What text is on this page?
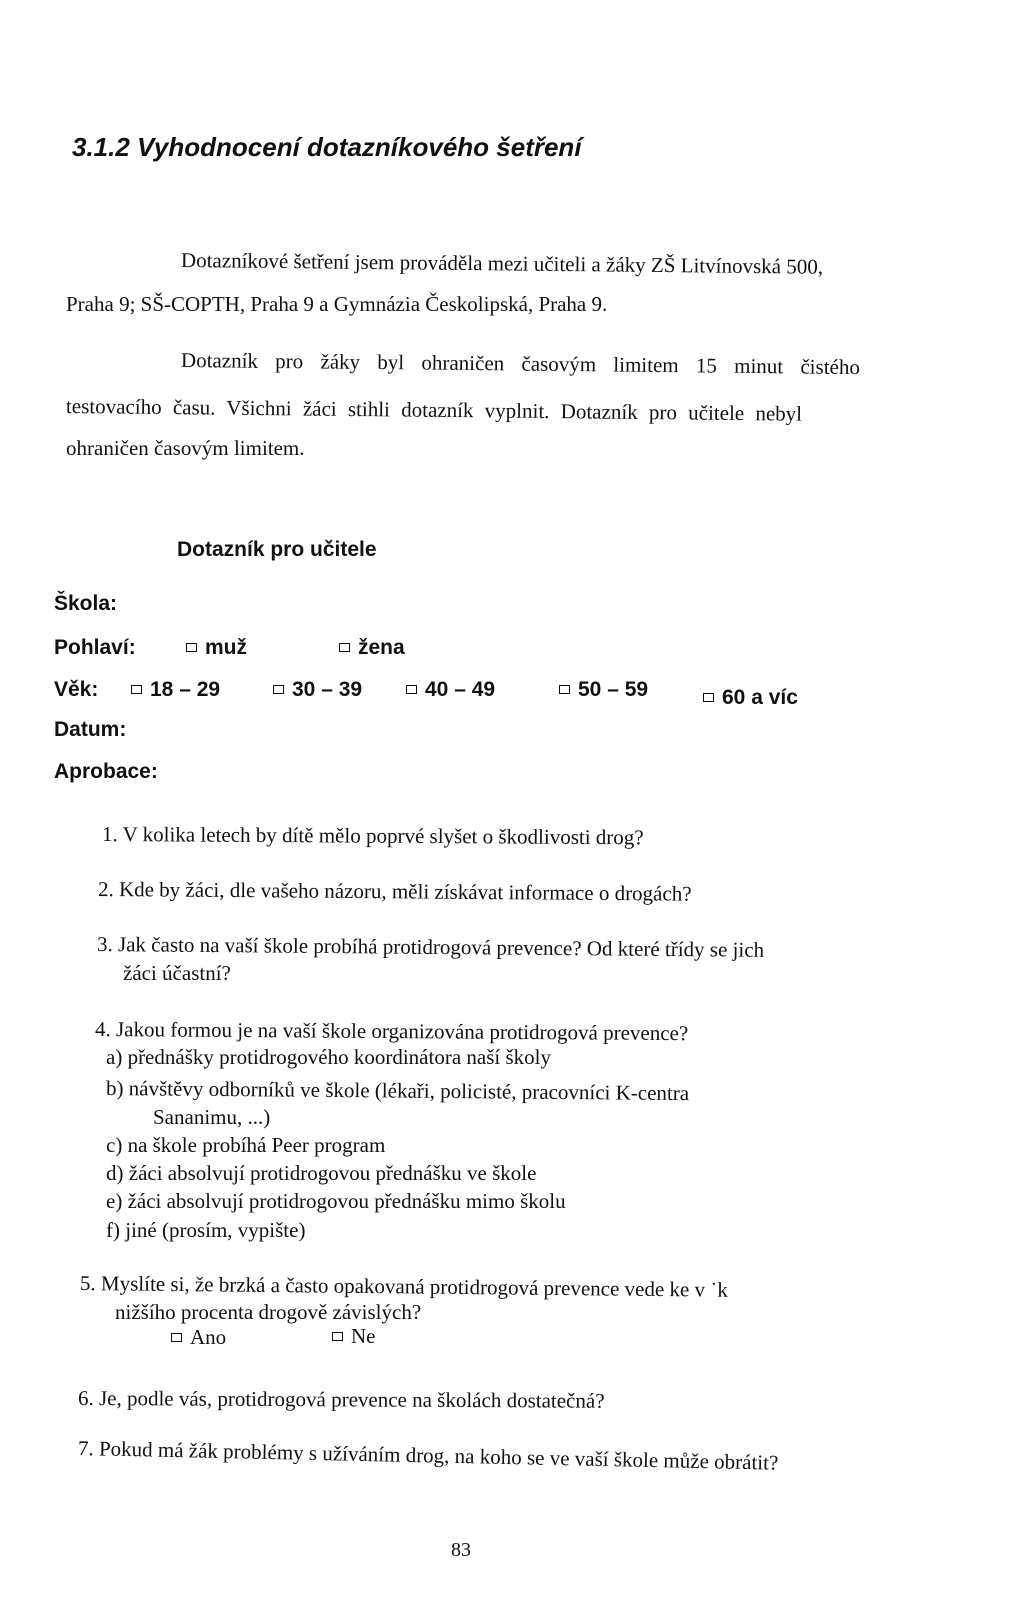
3.1.2 Vyhodnocení dotazníkového šetření
Dotazníkové šetření jsem prováděla mezi učiteli a žáky ZŠ Litvínovská 500,
Praha 9; SŠ-COPTH, Praha 9 a Gymnázia Českolipská, Praha 9.
Dotazník pro žáky byl ohraničen časovým limitem 15 minut čistého
testovacího času. Všichni žáci stihli dotazník vyplnit. Dotazník pro učitele nebyl
ohraničen časovým limitem.
Dotazník pro učitele
Škola:
Pohlaví:	muž	žena
Věk:	18 – 29	30 – 39	40 – 49	50 – 59	60 a víc
Datum:
Aprobace:
1. V kolika letech by dítě mělo poprvé slyšet o škodlivosti drog?
2. Kde by žáci, dle vašeho názoru, měli získávat informace o drogách?
3. Jak často na vaší škole probíhá protidrogová prevence? Od které třídy se jich
žáci účastní?
4. Jakou formou je na vaší škole organizována protidrogová prevence?
a) přednášky protidrogového koordinátora naší školy
b) návštěvy odborníků ve škole (lékaři, policisté, pracovníci K-centra
Sananimu, ...)
c) na škole probíhá Peer program
d) žáci absolvují protidrogovou přednášku ve škole
e) žáci absolvují protidrogovou přednášku mimo školu
f) jiné (prosím, vypište)
5. Myslíte si, že brzká a často opakovaná protidrogová prevence vede ke v ˙k
nižšího procenta drogově závislých?
Ano	Ne
6. Je, podle vás, protidrogová prevence na školách dostatečná?
7. Pokud má žák problémy s užíváním drog, na koho se ve vaší škole může obrátit?
83
